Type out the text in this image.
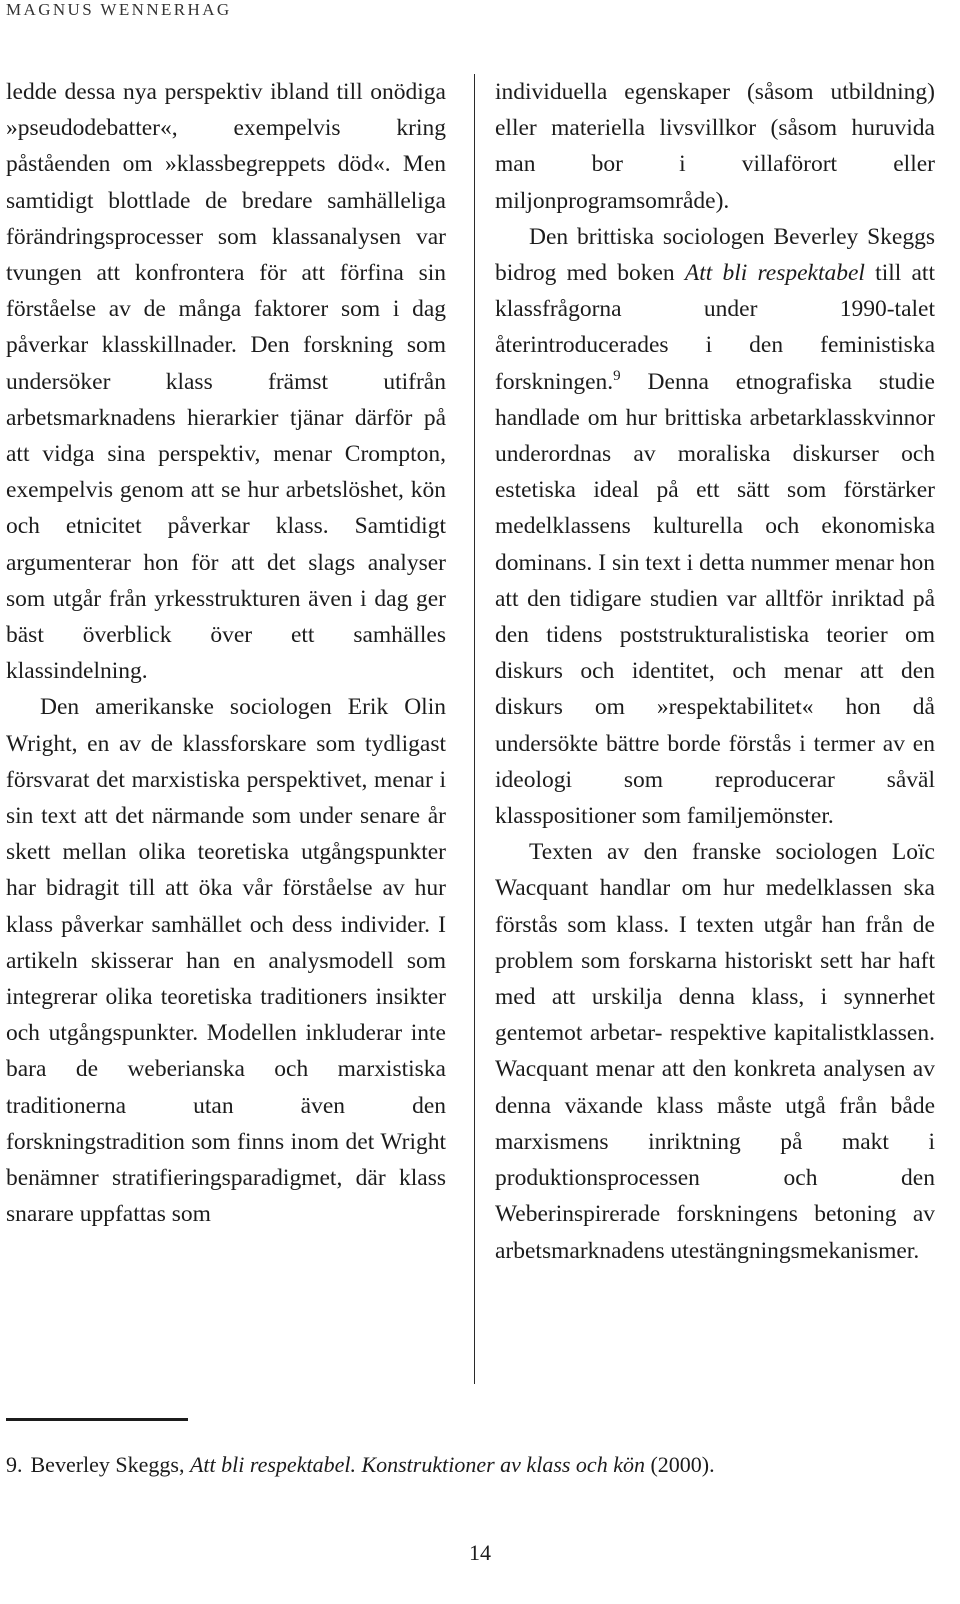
MAGNUS WENNERHAG

ledde dessa nya perspektiv ibland till onödiga »pseudodebatter«, exempelvis kring påståenden om »klassbegreppets död«. Men samtidigt blottlade de bredare samhälleliga förändringsprocesser som klassanalysen var tvungen att konfrontera för att förfina sin förståelse av de många faktorer som i dag påverkar klasskillnader. Den forskning som undersöker klass främst utifrån arbetsmarknadens hierarkier tjänar därför på att vidga sina perspektiv, menar Crompton, exempelvis genom att se hur arbetslöshet, kön och etnicitet påverkar klass. Samtidigt argumenterar hon för att det slags analyser som utgår från yrkesstrukturen även i dag ger bäst överblick över ett samhälles klassindelning.

Den amerikanske sociologen Erik Olin Wright, en av de klassforskare som tydligast försvarat det marxistiska perspektivet, menar i sin text att det närmande som under senare år skett mellan olika teoretiska utgångspunkter har bidragit till att öka vår förståelse av hur klass påverkar samhället och dess individer. I artikeln skisserar han en analysmodell som integrerar olika teoretiska traditioners insikter och utgångspunkter. Modellen inkluderar inte bara de weberianska och marxistiska traditionerna utan även den forskningstradition som finns inom det Wright benämner stratifieringsparadigmet, där klass snarare uppfattas som

individuella egenskaper (såsom utbildning) eller materiella livsvillkor (såsom huruvida man bor i villaförort eller miljonprogramsområde).

Den brittiska sociologen Beverley Skeggs bidrog med boken Att bli respektabel till att klassfrågorna under 1990-talet återintroducerades i den feministiska forskningen.$^9$ Denna etnografiska studie handlade om hur brittiska arbetarklasskvinnor underordnas av moraliska diskurser och estetiska ideal på ett sätt som förstärker medelklassens kulturella och ekonomiska dominans. I sin text i detta nummer menar hon att den tidigare studien var alltför inriktad på den tidens poststrukturalistiska teorier om diskurs och identitet, och menar att den diskurs om »respektabilitet« hon då undersökte bättre borde förstås i termer av en ideologi som reproducerar såväl klasspositioner som familjemönster.

Texten av den franske sociologen Loïc Wacquant handlar om hur medelklassen ska förstås som klass. I texten utgår han från de problem som forskarna historiskt sett har haft med att urskilja denna klass, i synnerhet gentemot arbetar- respektive kapitalistklassen. Wacquant menar att den konkreta analysen av denna växande klass måste utgå från både marxismens inriktning på makt i produktionsprocessen och den Weberinspirerade forskningens betoning av arbetsmarknadens utestängningsmekanismer.

9. Beverley Skeggs, Att bli respektabel. Konstruktioner av klass och kön (2000).
14
